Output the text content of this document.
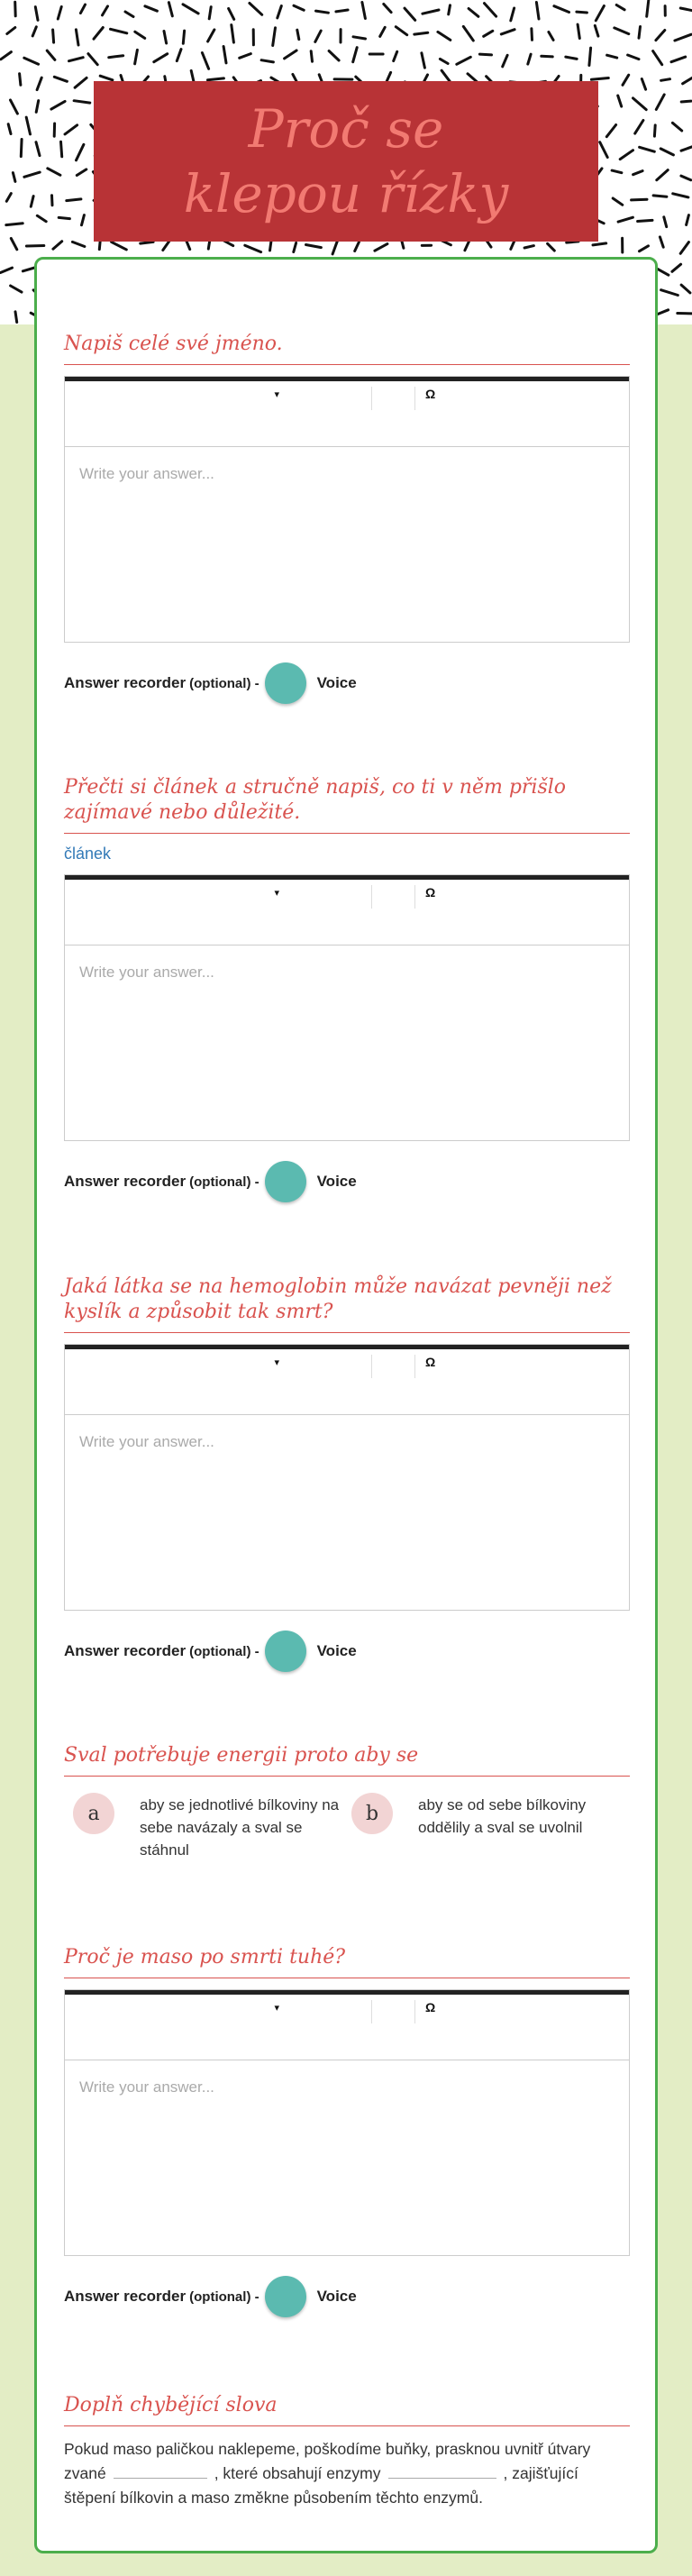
Proč se klepou řízky
Napiš celé své jméno.
▾	Ω
Write your answer...
Answer recorder (optional) -	Voice
Přečti si článek a stručně napiš, co ti v něm přišlo zajímavé nebo důležité.
článek
▾	Ω
Write your answer...
Answer recorder (optional) -	Voice
Jaká látka se na hemoglobin může navázat pevněji než kyslík a způsobit tak smrt?
▾	Ω
Write your answer...
Answer recorder (optional) -	Voice
Sval potřebuje energii proto aby se
a	aby se jednotlivé bílkoviny na sebe navázaly a sval se stáhnul
b	aby se od sebe bílkoviny oddělily a sval se uvolnil
Proč je maso po smrti tuhé?
▾	Ω
Write your answer...
Answer recorder (optional) -	Voice
Doplň chybějící slova
Pokud maso paličkou naklepeme, poškodíme buňky, prasknou uvnitř útvary zvané	, které obsahují enzymy	, zajišťující štěpení bílkovin a maso změkne působením těchto enzymů.
